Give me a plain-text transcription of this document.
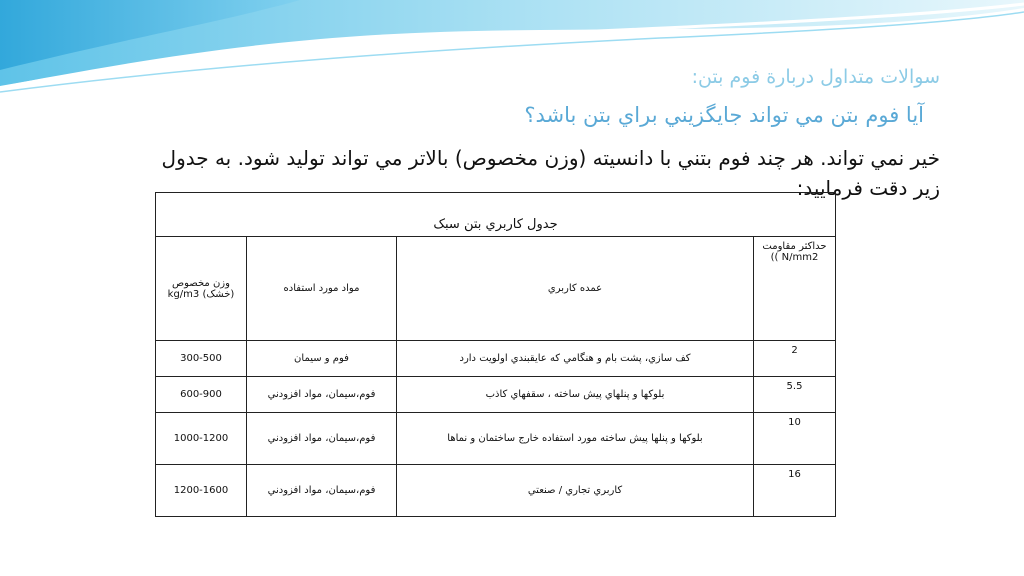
سوالات متداول دربارة فوم بتن:
آيا فوم بتن مي تواند جايگزيني براي بتن باشد؟
خير نمي تواند. هر چند فوم بتني با دانسيته (وزن مخصوص) بالاتر مي تواند توليد شود. به جدول زير دقت فرماييد:
جدول كاربري بتن سبک			
وزن مخصوص (خشک) kg/m3	مواد مورد استفاده	عمده كاربري	حداكثر مقاومت N/mm2 ))
300-500	فوم و سيمان	كف سازي، پشت بام و هنگامي كه عايقبندي اولويت دارد	2
600-900	فوم،سيمان، مواد افزودني	بلوكها و پنلهاي پيش ساخته ، سقفهاي كاذب	5.5
1000-1200	فوم،سيمان، مواد افزودني	بلوكها و پنلها پيش ساخته مورد استفاده خارج ساختمان و نماها	10
1200-1600	فوم،سيمان، مواد افزودني	كاربري تجاري / صنعتي	16
